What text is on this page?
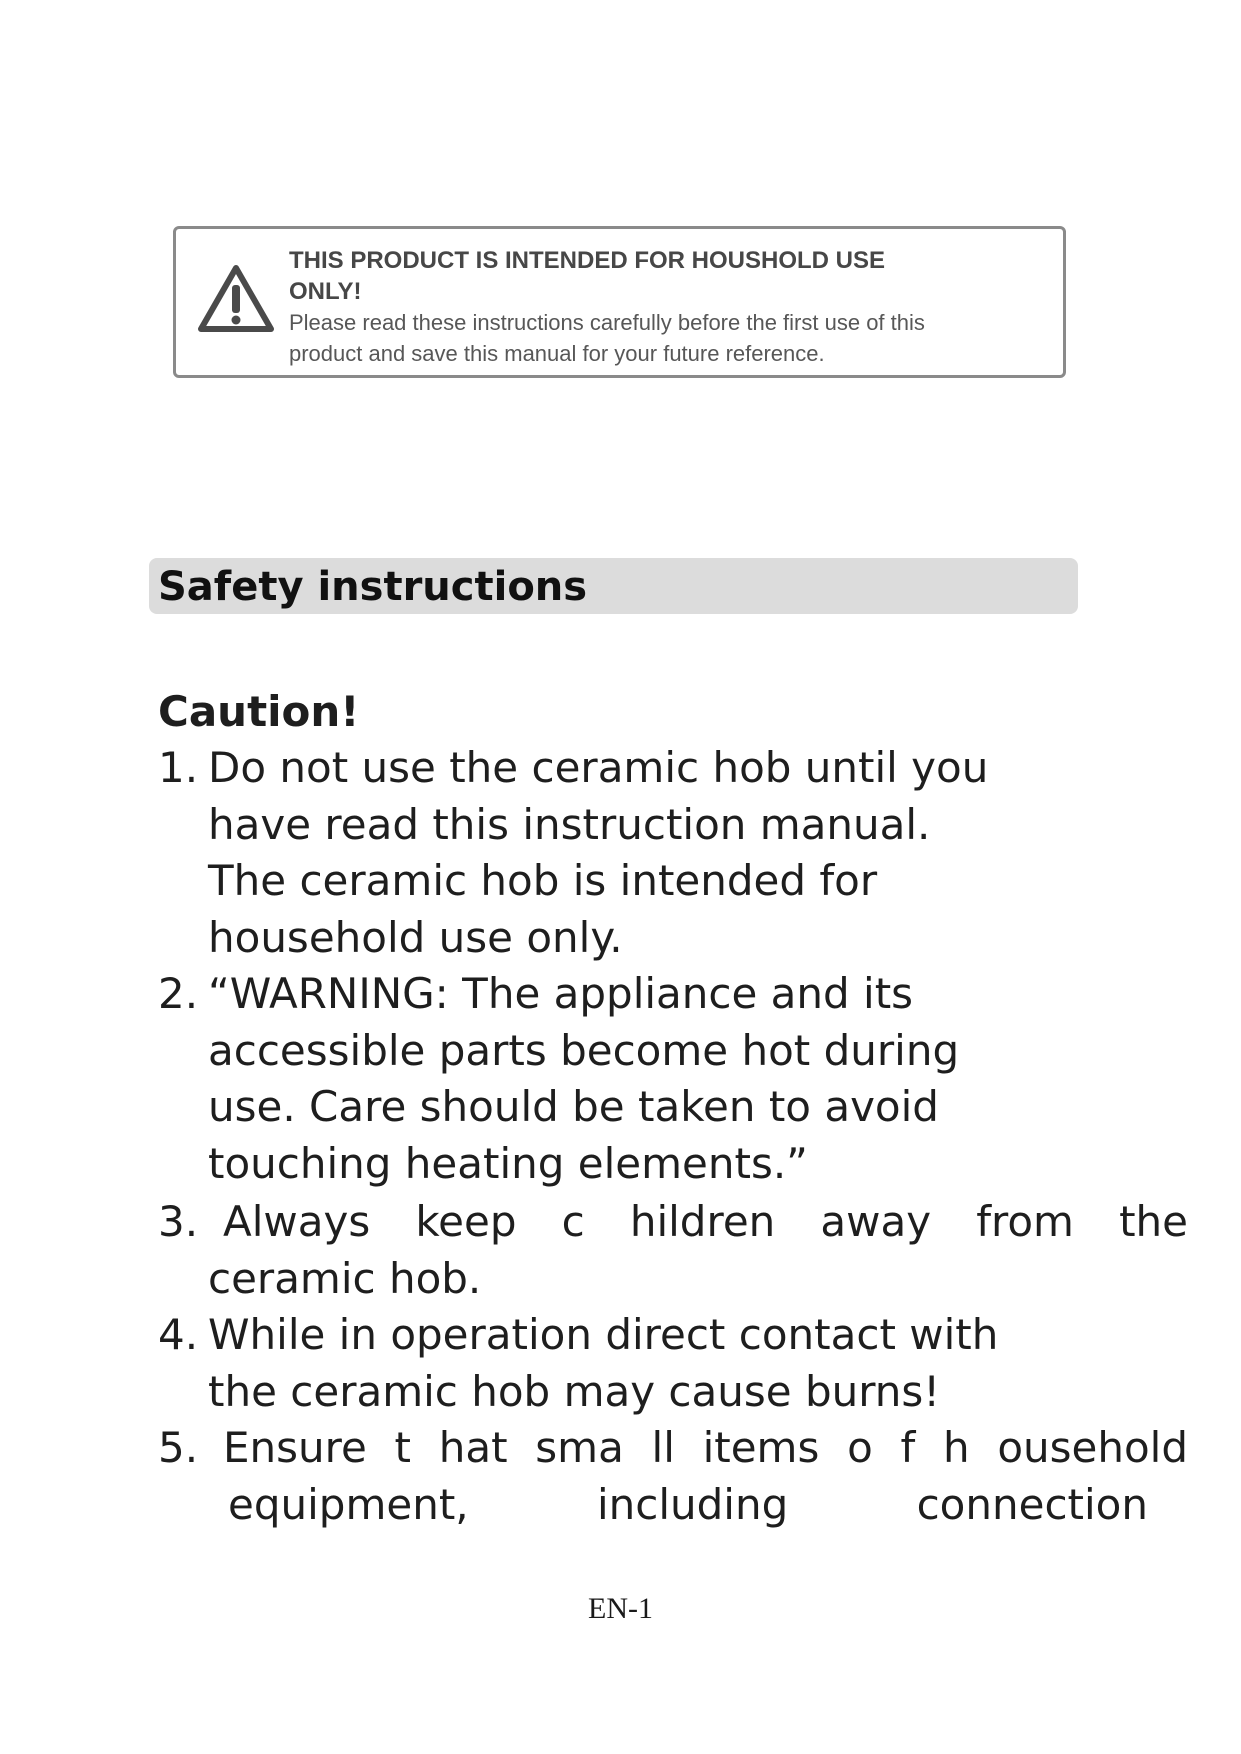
THIS PRODUCT IS INTENDED FOR HOUSHOLD USE
ONLY!
Please read these instructions carefully before the first use of this
product and save this manual for your future reference.
Safety instructions
Caution!
1. Do not use the ceramic hob until you
have read this instruction manual.
The ceramic hob is intended for
household use only.
2. “WARNING: The appliance and its
accessible parts become hot during
use. Care should be taken to avoid
touching heating elements.”
3. Always keep c hildren away from the
ceramic hob.
4. While in operation direct contact with
the ceramic hob may cause burns!
5. Ensure t hat sma ll items o f h ousehold
equipment, including connection
EN-1
